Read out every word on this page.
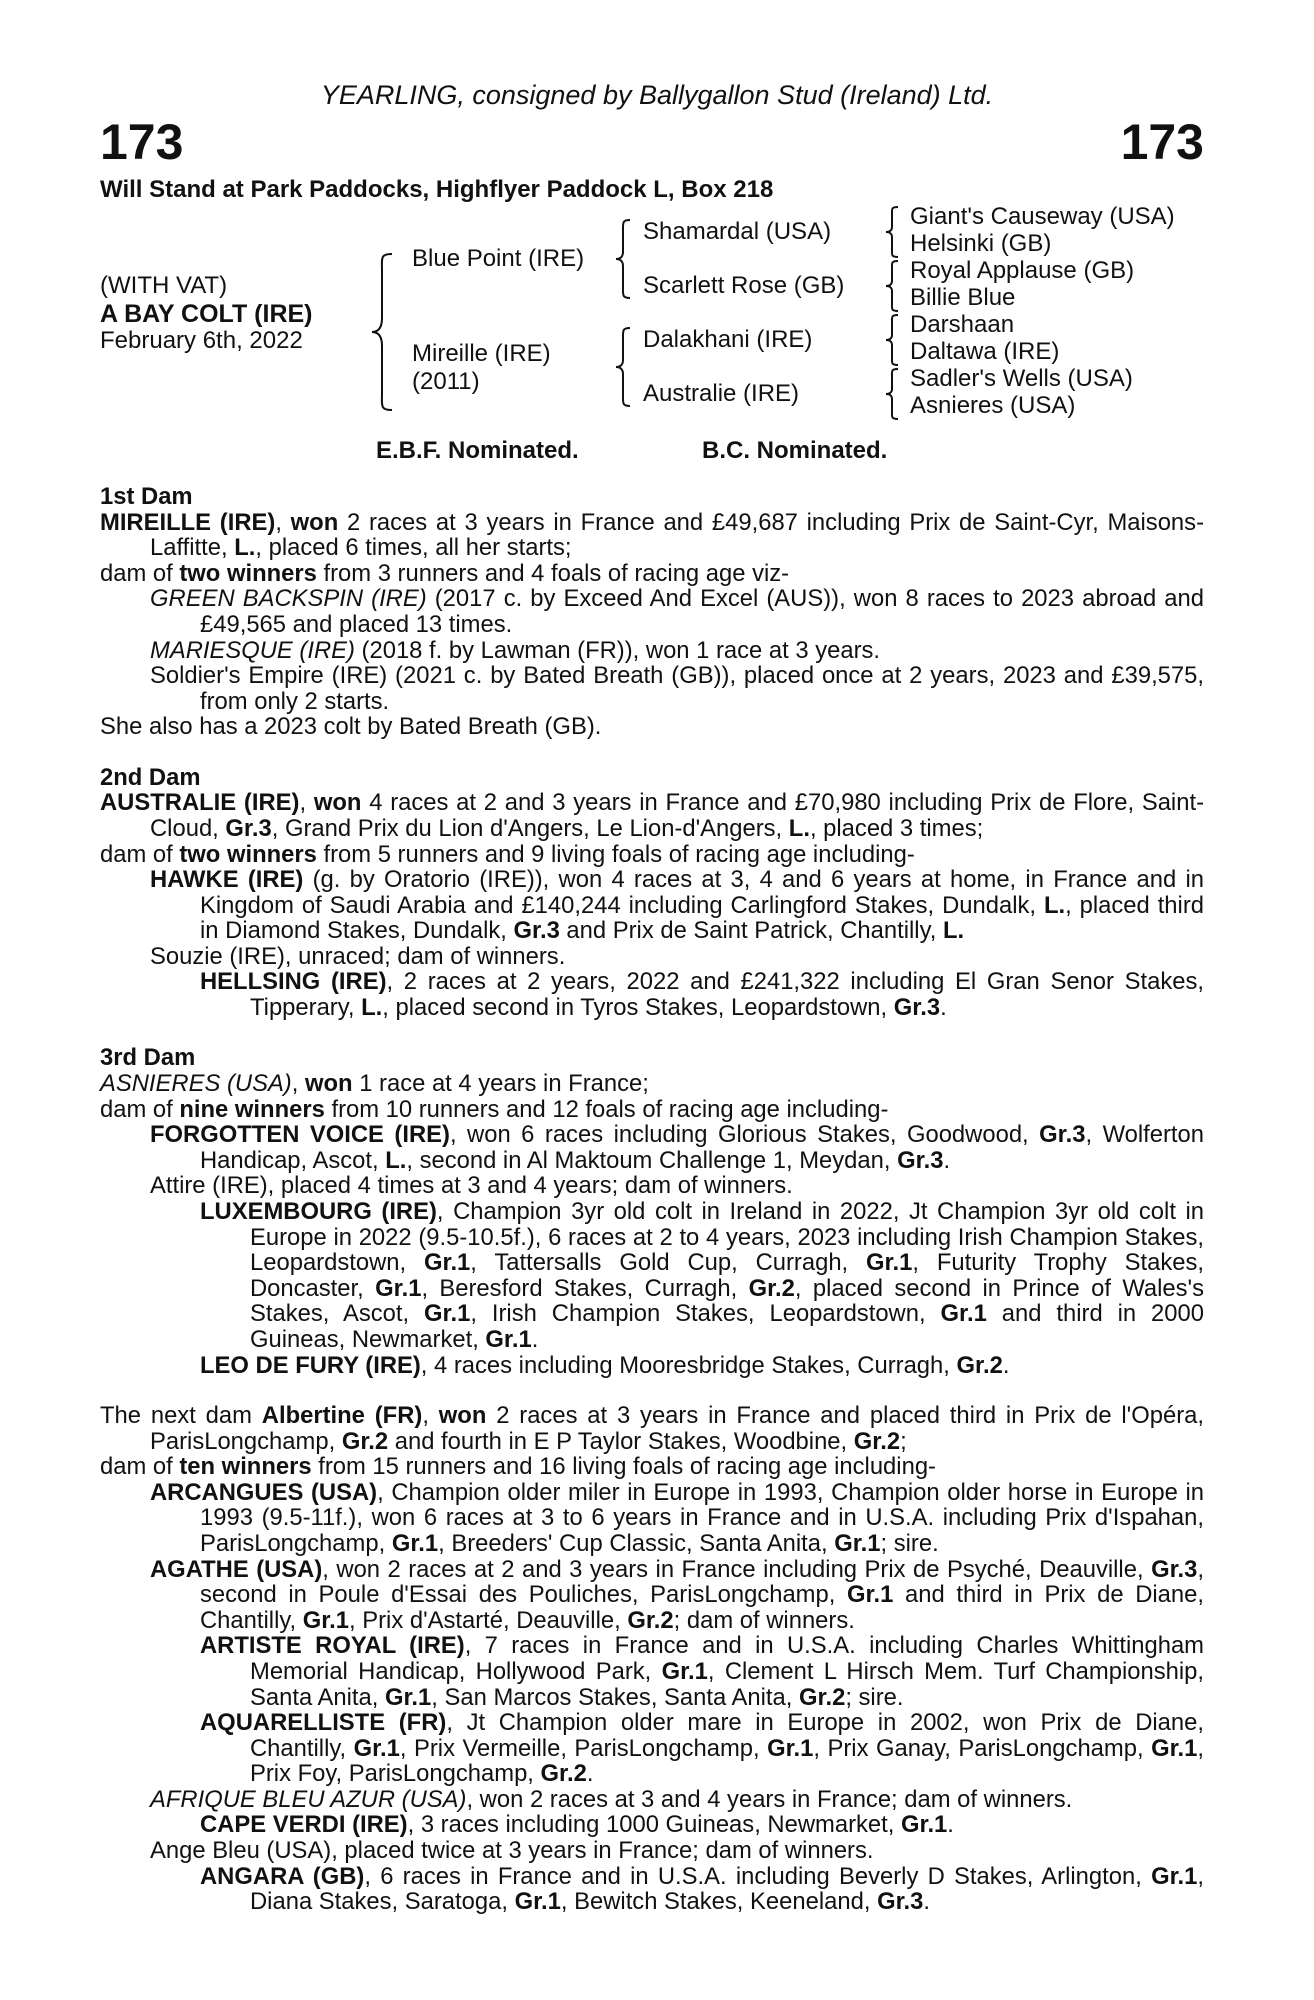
173	173
YEARLING, consigned by Ballygallon Stud (Ireland) Ltd.
Will Stand at Park Paddocks, Highflyer Paddock L, Box 218
(WITH VAT)
A BAY COLT (IRE)
February 6th, 2022
Blue Point (IRE)
Mireille (IRE)
(2011)
Shamardal (USA)
Scarlett Rose (GB)
Dalakhani (IRE)
Australie (IRE)
Giant's Causeway (USA)
Helsinki (GB)
Royal Applause (GB)
Billie Blue
Darshaan
Daltawa (IRE)
Sadler's Wells (USA)
Asnieres (USA)
E.B.F. Nominated.	B.C. Nominated.
1st Dam
MIREILLE (IRE), won 2 races at 3 years in France and £49,687 including Prix de Saint-Cyr, Maisons-Laffitte, L., placed 6 times, all her starts;
dam of two winners from 3 runners and 4 foals of racing age viz-
GREEN BACKSPIN (IRE) (2017 c. by Exceed And Excel (AUS)), won 8 races to 2023 abroad and £49,565 and placed 13 times.
MARIESQUE (IRE) (2018 f. by Lawman (FR)), won 1 race at 3 years.
Soldier's Empire (IRE) (2021 c. by Bated Breath (GB)), placed once at 2 years, 2023 and £39,575, from only 2 starts.
She also has a 2023 colt by Bated Breath (GB).
2nd Dam
AUSTRALIE (IRE), won 4 races at 2 and 3 years in France and £70,980 including Prix de Flore, Saint-Cloud, Gr.3, Grand Prix du Lion d'Angers, Le Lion-d'Angers, L., placed 3 times;
dam of two winners from 5 runners and 9 living foals of racing age including-
HAWKE (IRE) (g. by Oratorio (IRE)), won 4 races at 3, 4 and 6 years at home, in France and in Kingdom of Saudi Arabia and £140,244 including Carlingford Stakes, Dundalk, L., placed third in Diamond Stakes, Dundalk, Gr.3 and Prix de Saint Patrick, Chantilly, L.
Souzie (IRE), unraced; dam of winners.
HELLSING (IRE), 2 races at 2 years, 2022 and £241,322 including El Gran Senor Stakes, Tipperary, L., placed second in Tyros Stakes, Leopardstown, Gr.3.
3rd Dam
ASNIERES (USA), won 1 race at 4 years in France;
dam of nine winners from 10 runners and 12 foals of racing age including-
FORGOTTEN VOICE (IRE), won 6 races including Glorious Stakes, Goodwood, Gr.3, Wolferton Handicap, Ascot, L., second in Al Maktoum Challenge 1, Meydan, Gr.3.
Attire (IRE), placed 4 times at 3 and 4 years; dam of winners.
LUXEMBOURG (IRE), Champion 3yr old colt in Ireland in 2022, Jt Champion 3yr old colt in Europe in 2022 (9.5-10.5f.), 6 races at 2 to 4 years, 2023 including Irish Champion Stakes, Leopardstown, Gr.1, Tattersalls Gold Cup, Curragh, Gr.1, Futurity Trophy Stakes, Doncaster, Gr.1, Beresford Stakes, Curragh, Gr.2, placed second in Prince of Wales's Stakes, Ascot, Gr.1, Irish Champion Stakes, Leopardstown, Gr.1 and third in 2000 Guineas, Newmarket, Gr.1.
LEO DE FURY (IRE), 4 races including Mooresbridge Stakes, Curragh, Gr.2.
The next dam Albertine (FR), won 2 races at 3 years in France and placed third in Prix de l'Opéra, ParisLongchamp, Gr.2 and fourth in E P Taylor Stakes, Woodbine, Gr.2;
dam of ten winners from 15 runners and 16 living foals of racing age including-
ARCANGUES (USA), Champion older miler in Europe in 1993, Champion older horse in Europe in 1993 (9.5-11f.), won 6 races at 3 to 6 years in France and in U.S.A. including Prix d'Ispahan, ParisLongchamp, Gr.1, Breeders' Cup Classic, Santa Anita, Gr.1; sire.
AGATHE (USA), won 2 races at 2 and 3 years in France including Prix de Psyché, Deauville, Gr.3, second in Poule d'Essai des Pouliches, ParisLongchamp, Gr.1 and third in Prix de Diane, Chantilly, Gr.1, Prix d'Astarté, Deauville, Gr.2; dam of winners.
ARTISTE ROYAL (IRE), 7 races in France and in U.S.A. including Charles Whittingham Memorial Handicap, Hollywood Park, Gr.1, Clement L Hirsch Mem. Turf Championship, Santa Anita, Gr.1, San Marcos Stakes, Santa Anita, Gr.2; sire.
AQUARELLISTE (FR), Jt Champion older mare in Europe in 2002, won Prix de Diane, Chantilly, Gr.1, Prix Vermeille, ParisLongchamp, Gr.1, Prix Ganay, ParisLongchamp, Gr.1, Prix Foy, ParisLongchamp, Gr.2.
AFRIQUE BLEU AZUR (USA), won 2 races at 3 and 4 years in France; dam of winners.
CAPE VERDI (IRE), 3 races including 1000 Guineas, Newmarket, Gr.1.
Ange Bleu (USA), placed twice at 3 years in France; dam of winners.
ANGARA (GB), 6 races in France and in U.S.A. including Beverly D Stakes, Arlington, Gr.1, Diana Stakes, Saratoga, Gr.1, Bewitch Stakes, Keeneland, Gr.3.
